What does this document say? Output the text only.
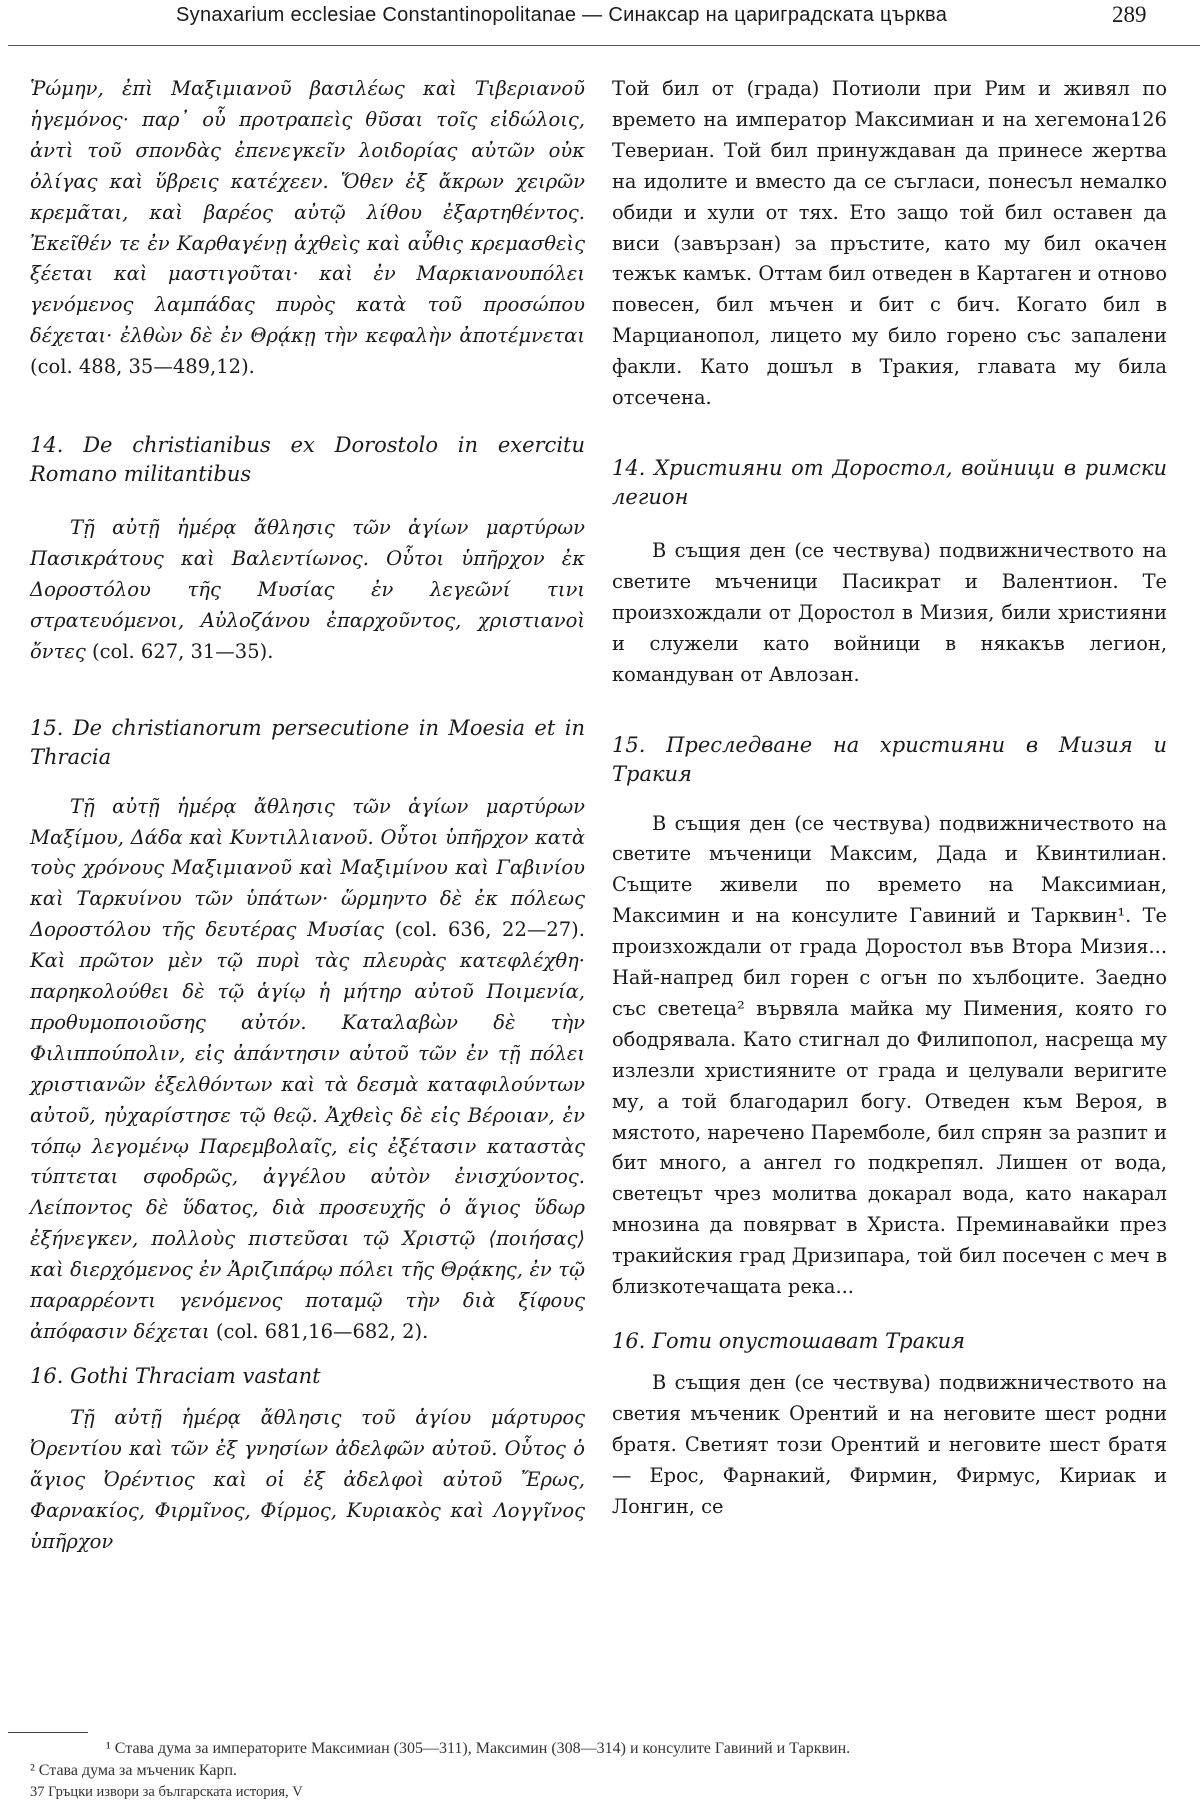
Synaxarium ecclesiae Constantinopolitanae — Синаксар на цариградската църква	289

Ῥώμην, ἐπὶ Μαξιμιανοῦ βασιλέως καὶ Τιβεριανοῦ ἡγεμόνος· παρ᾽ οὗ προτραπεὶς θῦσαι τοῖς εἰδώλοις, ἀντὶ τοῦ σπονδὰς ἐπενεγκεῖν λοιδορίας αὐτῶν οὐκ ὀλίγας καὶ ὕβρεις κατέχεεν. Ὅθεν ἐξ ἄκρων χειρῶν κρεμᾶται, καὶ βαρέος αὐτῷ λίθου ἐξαρτηθέντος. Ἐκεῖθέν τε ἐν Καρθαγένῃ ἀχθεὶς καὶ αὖθις κρεμασθεὶς ξέεται καὶ μαστιγοῦται· καὶ ἐν Μαρκιανουπόλει γενόμενος λαμπάδας πυρὸς κατὰ τοῦ προσώπου δέχεται· ἐλθὼν δὲ ἐν Θρᾴκῃ τὴν κεφαλὴν ἀποτέμνεται (col. 488, 35—489,12).

14. De christianibus ex Dorostolo in exercitu Romano militantibus

Τῇ αὐτῇ ἡμέρᾳ ἄθλησις τῶν ἁγίων μαρτύρων Πασικράτους καὶ Βαλεντίωνος. Οὗτοι ὑπῆρχον ἐκ Δοροστόλου τῆς Μυσίας ἐν λεγεῶνί τινι στρατευόμενοι, Αὐλοζάνου ἐπαρχοῦντος, χριστιανοὶ ὄντες (col. 627, 31—35).

15. De christianorum persecutione in Moesia et in Thracia

Τῇ αὐτῇ ἡμέρᾳ ἄθλησις τῶν ἁγίων μαρτύρων Μαξίμου, Δάδα καὶ Κυντιλλιανοῦ. Οὗτοι ὑπῆρχον κατὰ τοὺς χρόνους Μαξιμιανοῦ καὶ Μαξιμίνου καὶ Γαβινίου καὶ Ταρκυίνου τῶν ὑπάτων· ὥρμηντο δὲ ἐκ πόλεως Δοροστόλου τῆς δευτέρας Μυσίας (col. 636, 22—27). Καὶ πρῶτον μὲν τῷ πυρὶ τὰς πλευρὰς κατεφλέχθη· παρηκολούθει δὲ τῷ ἁγίῳ ἡ μήτηρ αὐτοῦ Ποιμενία, προθυμοποιοῦσης αὐτόν. Καταλαβὼν δὲ τὴν Φιλιππούπολιν, εἰς ἀπάντησιν αὐτοῦ τῶν ἐν τῇ πόλει χριστιανῶν ἐξελθόντων καὶ τὰ δεσμὰ καταφιλούντων αὐτοῦ, ηὐχαρίστησε τῷ θεῷ. Ἀχθεὶς δὲ εἰς Βέροιαν, ἐν τόπῳ λεγομένῳ Παρεμβολαῖς, εἰς ἐξέτασιν καταστὰς τύπτεται σφοδρῶς, ἀγγέλου αὐτὸν ἐνισχύοντος. Λείποντος δὲ ὕδατος, διὰ προσευχῆς ὁ ἅγιος ὕδωρ ἐξήνεγκεν, πολλοὺς πιστεῦσαι τῷ Χριστῷ ⟨ποιήσας⟩ καὶ διερχόμενος ἐν Ἀριζιπάρῳ πόλει τῆς Θρᾴκης, ἐν τῷ παραρρέοντι γενόμενος ποταμῷ τὴν διὰ ξίφους ἀπόφασιν δέχεται (col. 681,16—682, 2).

16. Gothi Thraciam vastant

Τῇ αὐτῇ ἡμέρᾳ ἄθλησις τοῦ ἁγίου μάρτυρος Ὀρεντίου καὶ τῶν ἐξ γνησίων ἀδελφῶν αὐτοῦ. Οὗτος ὁ ἅγιος Ὀρέντιος καὶ οἱ ἐξ ἀδελφοὶ αὐτοῦ Ἔρως, Φαρνακίος, Φιρμῖνος, Φίρμος, Κυριακὸς καὶ Λογγῖνος ὑπῆρχον

Той бил от (града) Потиоли при Рим и живял по времето на император Максимиан и на хегемона126 Тевериан. Той бил принуждаван да принесе жертва на идолите и вместо да се съгласи, понесъл немалко обиди и хули от тях. Ето защо той бил оставен да виси (завързан) за пръстите, като му бил окачен тежък камък. Оттам бил отведен в Картаген и отново повесен, бил мъчен и бит с бич. Когато бил в Марцианопол, лицето му било горено със запалени факли. Като дошъл в Тракия, главата му била отсечена.

14. Християни от Доростол, войници в римски легион

В същия ден (се чествува) подвижничеството на светите мъченици Пасикрат и Валентион. Те произхождали от Доростол в Мизия, били християни и служели като войници в някакъв легион, командуван от Авлозан.

15. Преследване на християни в Мизия и Тракия

В същия ден (се чествува) подвижничеството на светите мъченици Максим, Дада и Квинтилиан. Същите живели по времето на Максимиан, Максимин и на консулите Гавиний и Тарквин¹. Те произхождали от града Доростол във Втора Мизия... Най-напред бил горен с огън по хълбоците. Заедно със светеца² вървяла майка му Пимения, която го ободрявала. Като стигнал до Филипопол, насреща му излезли християните от града и целували веригите му, а той благодарил богу. Отведен към Вероя, в мястото, наречено Паремболе, бил спрян за разпит и бит много, а ангел го подкрепял. Лишен от вода, светецът чрез молитва докарал вода, като накарал мнозина да повярват в Христа. Преминавайки през тракийския град Дризипара, той бил посечен с меч в близкотечащата река...

16. Готи опустошават Тракия

В същия ден (се чествува) подвижничеството на светия мъченик Орентий и на неговите шест родни братя. Светият този Орентий и неговите шест братя — Ерос, Фарнакий, Фирмин, Фирмус, Кириак и Лонгин, се

¹ Става дума за императорите Максимиан (305—311), Максимин (308—314) и консулите Гавиний и Тарквин.

² Става дума за мъченик Карп.

37 Гръцки извори за българската история, V
